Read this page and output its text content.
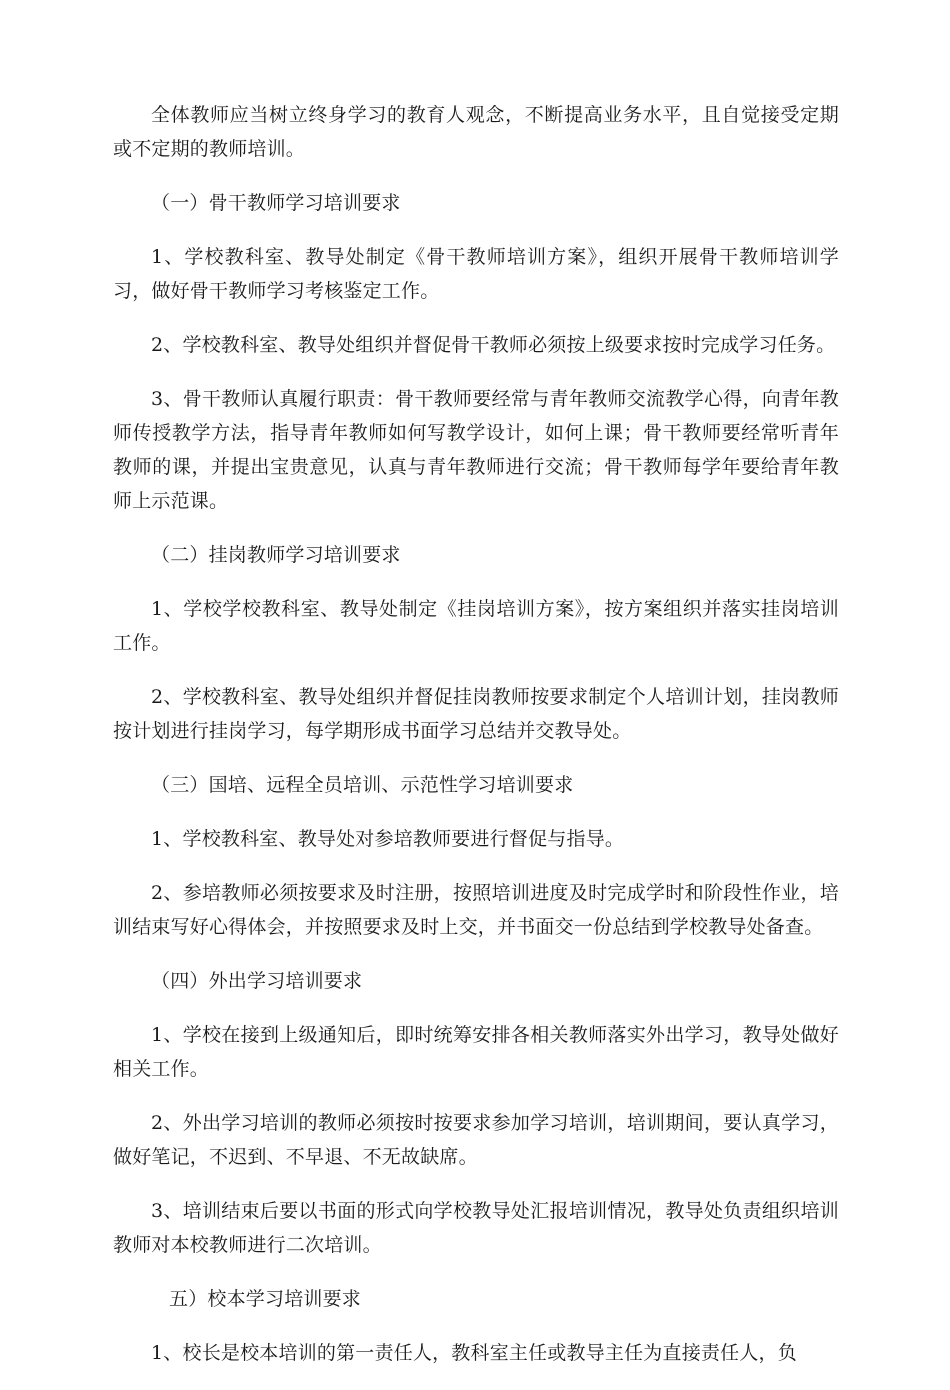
全体教师应当树立终身学习的教育人观念，不断提高业务水平，且自觉接受定期或不定期的教师培训。

（一）骨干教师学习培训要求

1、学校教科室、教导处制定《骨干教师培训方案》，组织开展骨干教师培训学习，做好骨干教师学习考核鉴定工作。

2、学校教科室、教导处组织并督促骨干教师必须按上级要求按时完成学习任务。

3、骨干教师认真履行职责：骨干教师要经常与青年教师交流教学心得，向青年教师传授教学方法，指导青年教师如何写教学设计，如何上课；骨干教师要经常听青年教师的课，并提出宝贵意见，认真与青年教师进行交流；骨干教师每学年要给青年教师上示范课。

（二）挂岗教师学习培训要求

1、学校学校教科室、教导处制定《挂岗培训方案》，按方案组织并落实挂岗培训工作。

2、学校教科室、教导处组织并督促挂岗教师按要求制定个人培训计划，挂岗教师按计划进行挂岗学习，每学期形成书面学习总结并交教导处。

（三）国培、远程全员培训、示范性学习培训要求

1、学校教科室、教导处对参培教师要进行督促与指导。

2、参培教师必须按要求及时注册，按照培训进度及时完成学时和阶段性作业，培训结束写好心得体会，并按照要求及时上交，并书面交一份总结到学校教导处备查。

（四）外出学习培训要求

1、学校在接到上级通知后，即时统筹安排各相关教师落实外出学习，教导处做好相关工作。

2、外出学习培训的教师必须按时按要求参加学习培训，培训期间，要认真学习，做好笔记，不迟到、不早退、不无故缺席。

3、培训结束后要以书面的形式向学校教导处汇报培训情况，教导处负责组织培训教师对本校教师进行二次培训。

五）校本学习培训要求

1、校长是校本培训的第一责任人，教科室主任或教导主任为直接责任人，负
